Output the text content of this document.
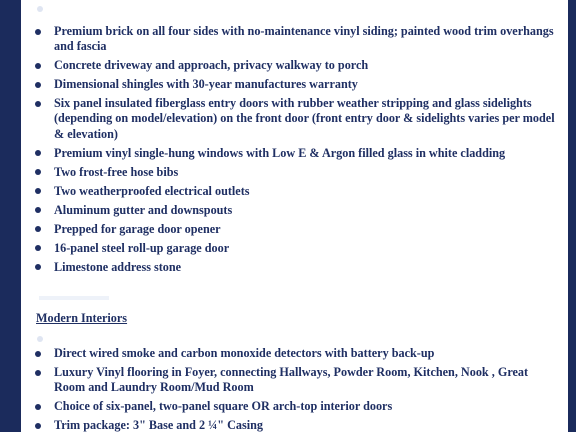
Premium brick on all four sides with no-maintenance vinyl siding; painted wood trim overhangs and fascia
Concrete driveway and approach, privacy walkway to porch
Dimensional shingles with 30-year manufactures warranty
Six panel insulated fiberglass entry doors with rubber weather stripping and glass sidelights (depending on model/elevation) on the front door (front entry door & sidelights varies per model & elevation)
Premium vinyl single-hung windows with Low E & Argon filled glass in white cladding
Two frost-free hose bibs
Two weatherproofed electrical outlets
Aluminum gutter and downspouts
Prepped for garage door opener
16-panel steel roll-up garage door
Limestone address stone
Modern Interiors
Direct wired smoke and carbon monoxide detectors with battery back-up
Luxury Vinyl flooring in Foyer, connecting Hallways, Powder Room, Kitchen, Nook , Great Room and Laundry Room/Mud Room
Choice of six-panel, two-panel square OR arch-top interior doors
Trim package: 3" Base and 2 ¼" Casing
